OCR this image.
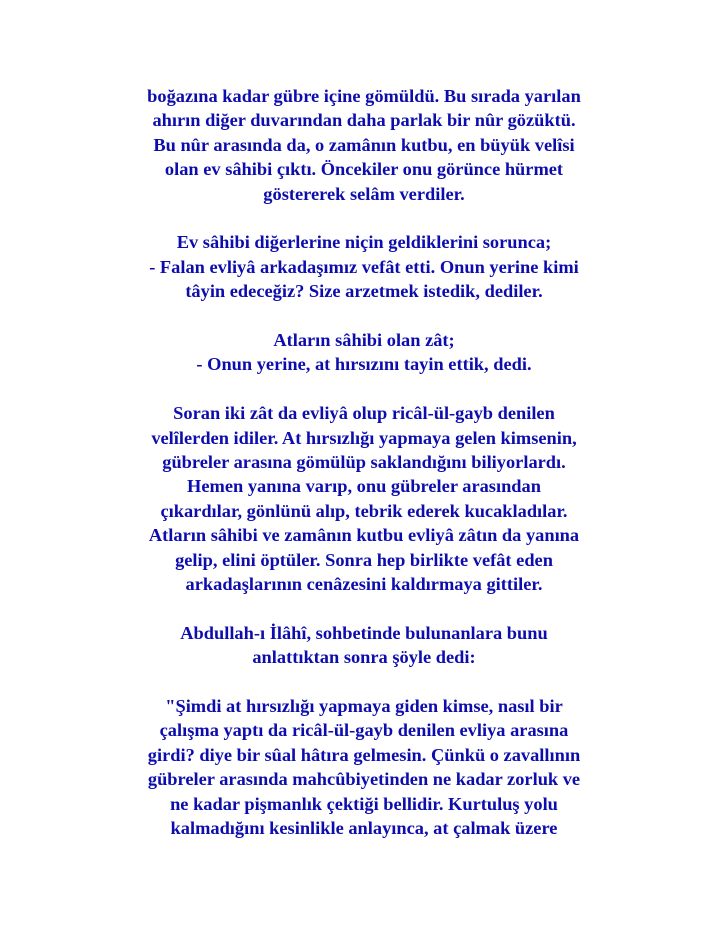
boğazına kadar gübre içine gömüldü. Bu sırada yarılan
ahırın diğer duvarından daha parlak bir nûr gözüktü.
Bu nûr arasında da, o zamânın kutbu, en büyük velîsi
olan ev sâhibi çıktı. Öncekiler onu görünce hürmet
göstererek selâm verdiler.
Ev sâhibi diğerlerine niçin geldiklerini sorunca;
- Falan evliyâ arkadaşımız vefât etti. Onun yerine kimi
tâyin edeceğiz? Size arzetmek istedik, dediler.
Atların sâhibi olan zât;
- Onun yerine, at hırsızını tayin ettik, dedi.
Soran iki zât da evliyâ olup ricâl-ül-gayb denilen
velîlerden idiler. At hırsızlığı yapmaya gelen kimsenin,
gübreler arasına gömülüp saklandığını biliyorlardı.
Hemen yanına varıp, onu gübreler arasından
çıkardılar, gönlünü alıp, tebrik ederek kucakladılar.
Atların sâhibi ve zamânın kutbu evliyâ zâtın da yanına
gelip, elini öptüler. Sonra hep birlikte vefât eden
arkadaşlarının cenâzesini kaldırmaya gittiler.
Abdullah-ı İlâhî, sohbetinde bulunanlara bunu
anlattıktan sonra şöyle dedi:
"Şimdi at hırsızlığı yapmaya giden kimse, nasıl bir
çalışma yaptı da ricâl-ül-gayb denilen evliya arasına
girdi? diye bir sûal hâtıra gelmesin. Çünkü o zavallının
gübreler arasında mahcûbiyetinden ne kadar zorluk ve
ne kadar pişmanlık çektiği bellidir. Kurtuluş yolu
kalmadığını kesinlikle anlayınca, at çalmak üzere
